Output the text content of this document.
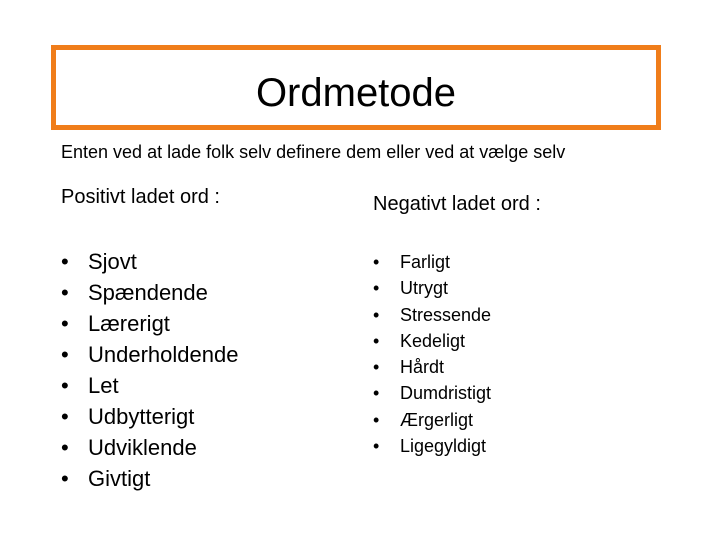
Ordmetode
Enten ved at lade folk selv definere dem eller ved at vælge selv
Positivt ladet ord :	Negativt ladet ord :
• Sjovt
• Spændende
• Lærerigt
• Underholdende
• Let
• Udbytterigt
• Udviklende
• Givtigt
• Farligt
• Utrygt
• Stressende
• Kedeligt
• Hårdt
• Dumdristigt
• Ærgerligt
• Ligegyldigt
